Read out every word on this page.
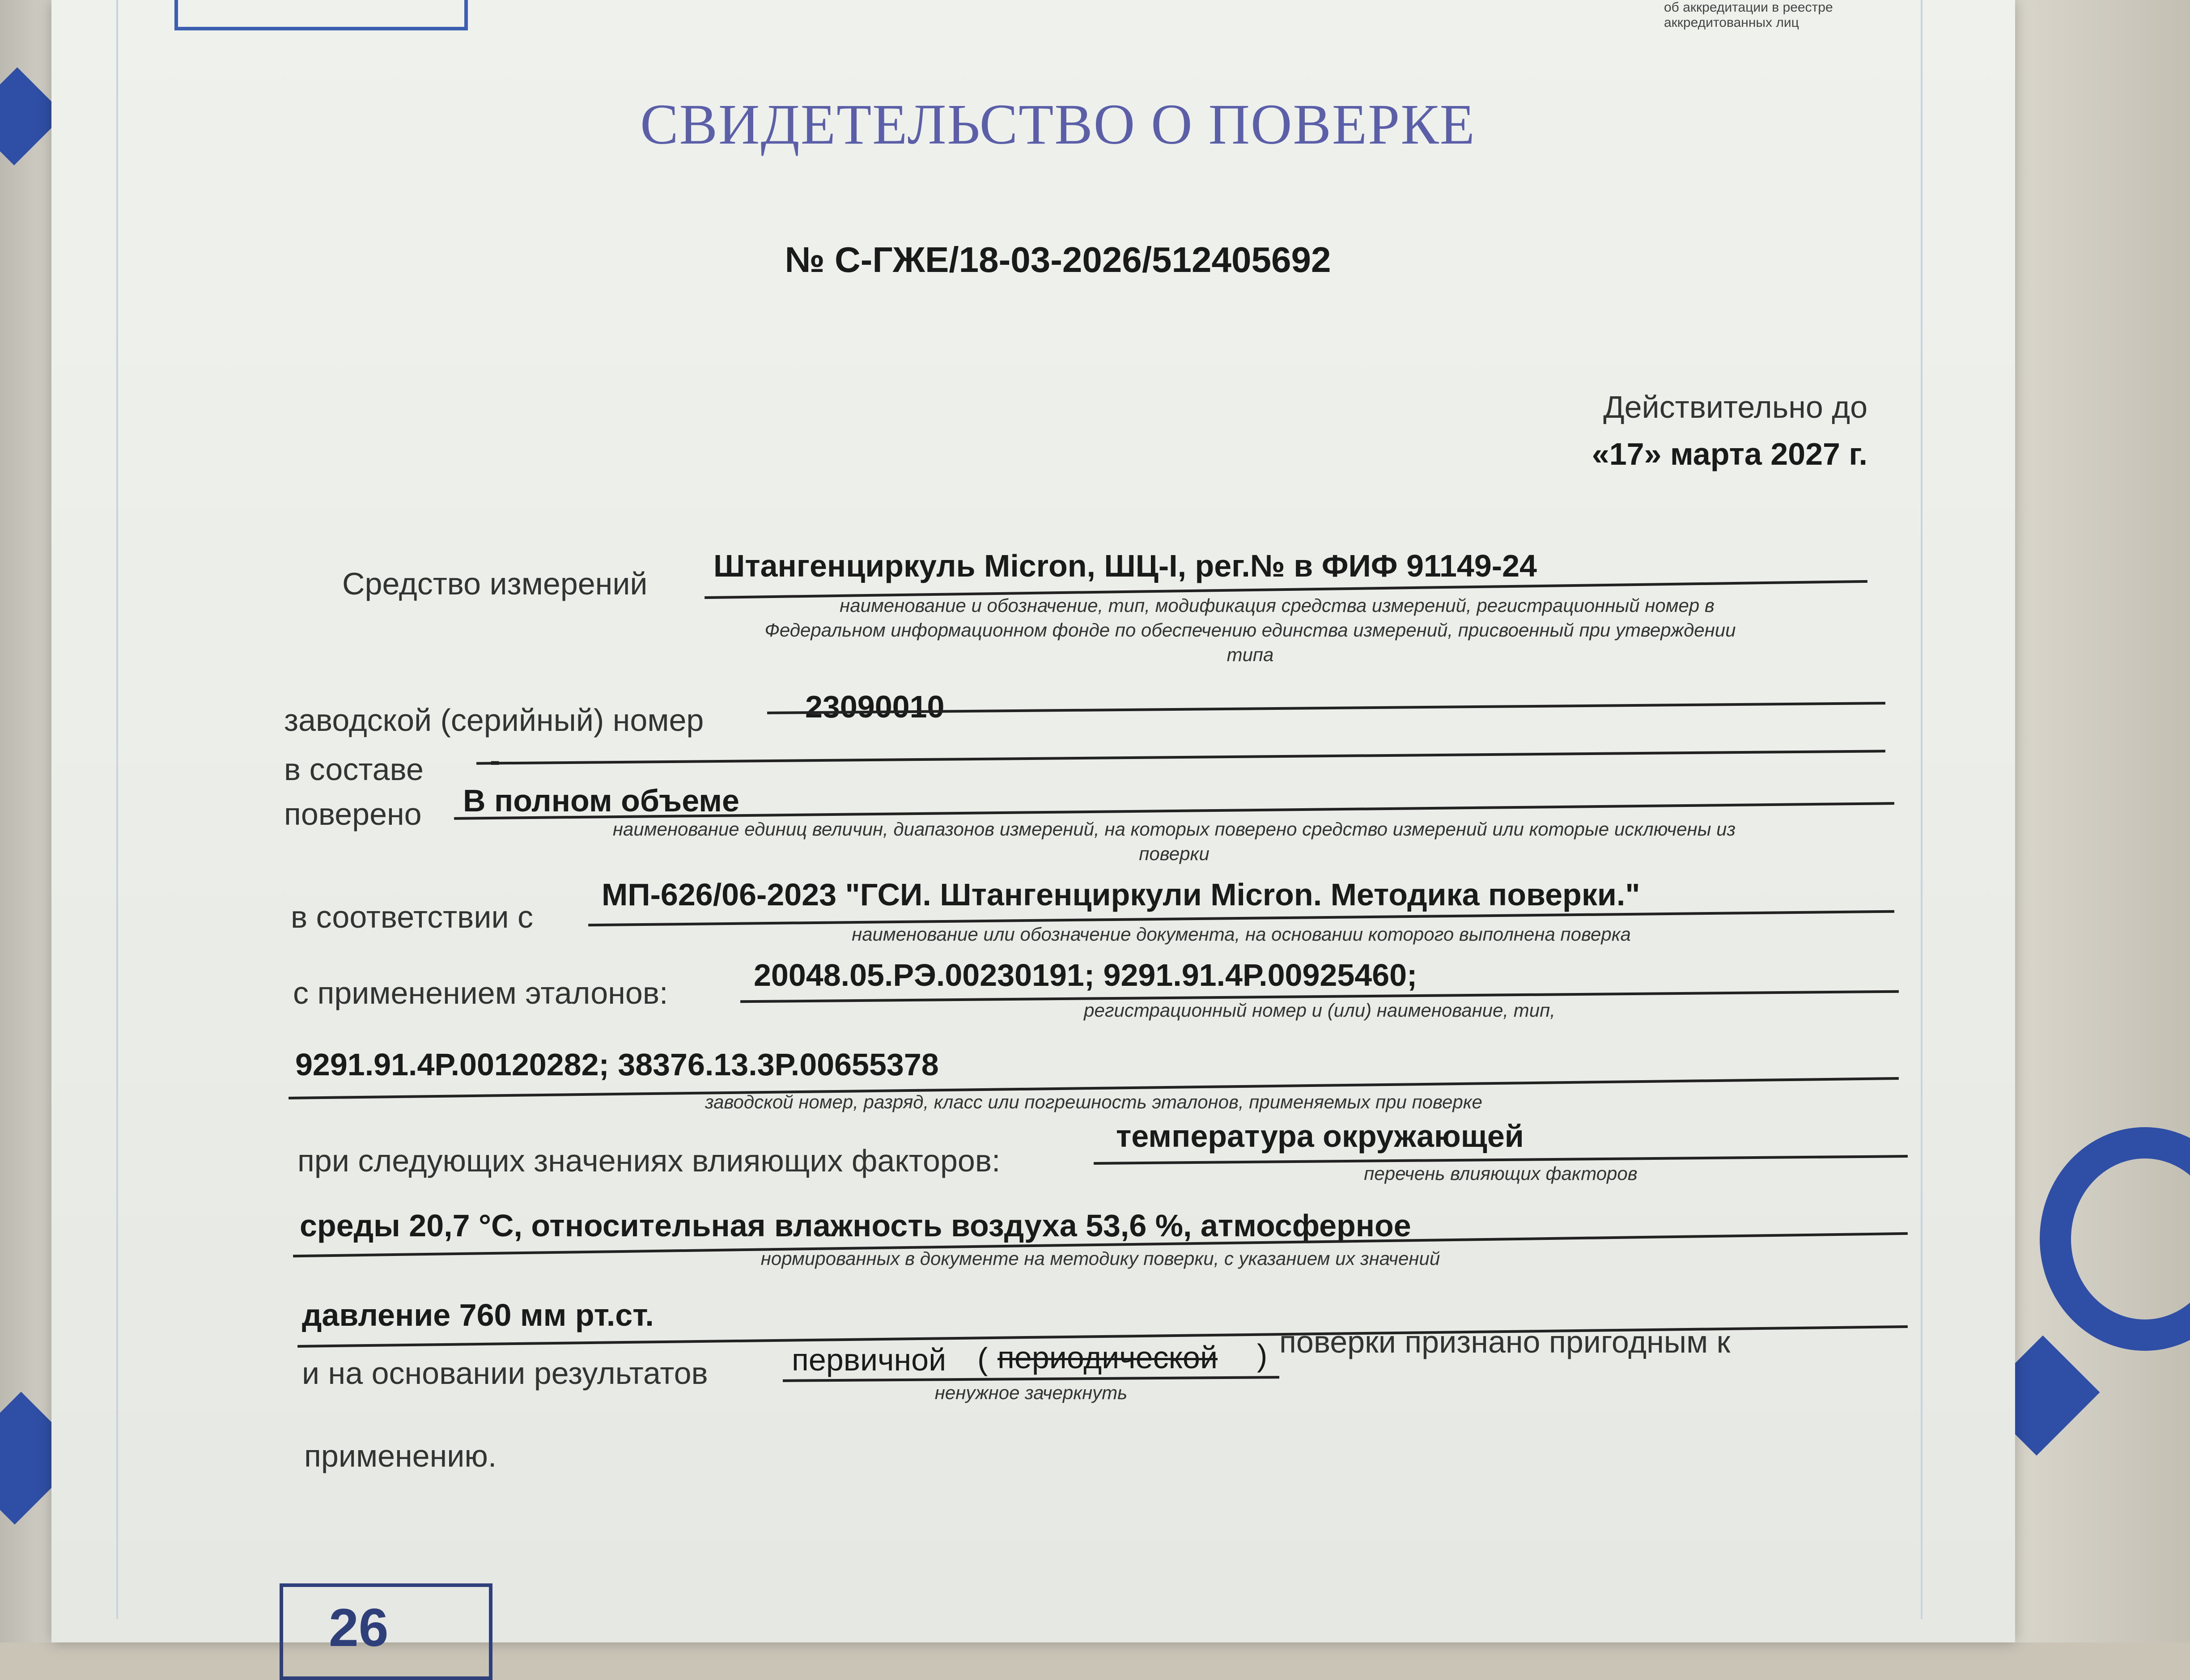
об аккредитации в реестре аккредитованных лиц
СВИДЕТЕЛЬСТВО О ПОВЕРКЕ
№ С-ГЖЕ/18-03-2026/512405692
Действительно до
«17» марта 2027 г.
Средство измерений
Штангенциркуль Micron, ШЦ-I, рег.№ в ФИФ 91149-24
наименование и обозначение, тип, модификация средства измерений, регистрационный номер в
Федеральном информационном фонде по обеспечению единства измерений, присвоенный при утверждении
типа
заводской (серийный) номер	23090010
в составе -
поверено В полном объеме
наименование единиц величин, диапазонов измерений, на которых поверено средство измерений или которые исключены из
поверки
в соответствии с
МП-626/06-2023 "ГСИ. Штангенциркули Micron. Методика поверки."
наименование или обозначение документа, на основании которого выполнена поверка
с применением эталонов:
20048.05.РЭ.00230191; 9291.91.4Р.00925460;
регистрационный номер и (или) наименование, тип,
9291.91.4Р.00120282; 38376.13.3Р.00655378
заводской номер, разряд, класс или погрешность эталонов, применяемых при поверке
при следующих значениях влияющих факторов:
температура окружающей
перечень влияющих факторов
среды 20,7 °С, относительная влажность воздуха 53,6 %, атмосферное
нормированных в документе на методику поверки, с указанием их значений
давление 760 мм рт.ст.
и на основании результатов	первичной ( периодической ) поверки признано пригодным к
ненужное зачеркнуть
применению.
26
